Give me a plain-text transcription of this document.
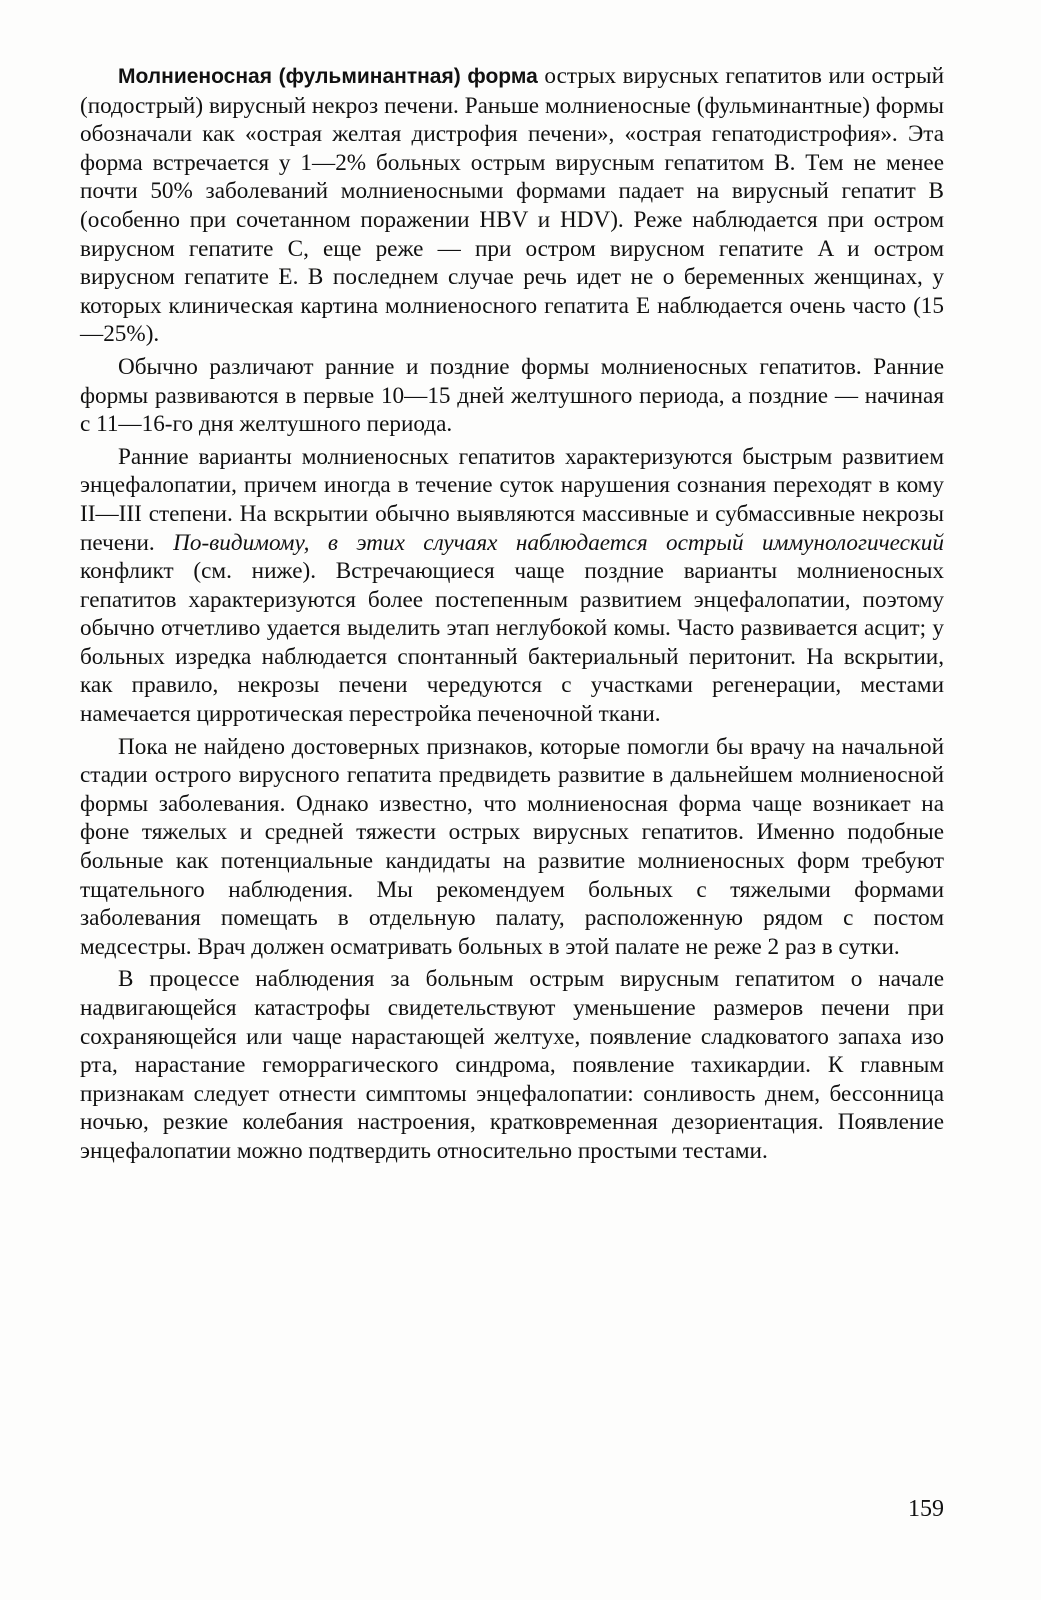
Молниеносная (фульминантная) форма острых вирусных гепатитов или острый (подострый) вирусный некроз печени. Раньше молниеносные (фульминантные) формы обозначали как «острая желтая дистрофия печени», «острая гепатодистрофия». Эта форма встречается у 1—2% больных острым вирусным гепатитом B. Тем не менее почти 50% заболеваний молниеносными формами падает на вирусный гепатит B (особенно при сочетанном поражении HBV и HDV). Реже наблюдается при остром вирусном гепатите C, еще реже — при остром вирусном гепатите A и остром вирусном гепатите E. В последнем случае речь идет не о беременных женщинах, у которых клиническая картина молниеносного гепатита E наблюдается очень часто (15—25%).

Обычно различают ранние и поздние формы молниеносных гепатитов. Ранние формы развиваются в первые 10—15 дней желтушного периода, а поздние — начиная с 11—16-го дня желтушного периода.

Ранние варианты молниеносных гепатитов характеризуются быстрым развитием энцефалопатии, причем иногда в течение суток нарушения сознания переходят в кому II—III степени. На вскрытии обычно выявляются массивные и субмассивные некрозы печени. По-видимому, в этих случаях наблюдается острый иммунологический конфликт (см. ниже). Встречающиеся чаще поздние варианты молниеносных гепатитов характеризуются более постепенным развитием энцефалопатии, поэтому обычно отчетливо удается выделить этап неглубокой комы. Часто развивается асцит; у больных изредка наблюдается спонтанный бактериальный перитонит. На вскрытии, как правило, некрозы печени чередуются с участками регенерации, местами намечается цирротическая перестройка печеночной ткани.

Пока не найдено достоверных признаков, которые помогли бы врачу на начальной стадии острого вирусного гепатита предвидеть развитие в дальнейшем молниеносной формы заболевания. Однако известно, что молниеносная форма чаще возникает на фоне тяжелых и средней тяжести острых вирусных гепатитов. Именно подобные больные как потенциальные кандидаты на развитие молниеносных форм требуют тщательного наблюдения. Мы рекомендуем больных с тяжелыми формами заболевания помещать в отдельную палату, расположенную рядом с постом медсестры. Врач должен осматривать больных в этой палате не реже 2 раз в сутки.

В процессе наблюдения за больным острым вирусным гепатитом о начале надвигающейся катастрофы свидетельствуют уменьшение размеров печени при сохраняющейся или чаще нарастающей желтухе, появление сладковатого запаха изо рта, нарастание геморрагического синдрома, появление тахикардии. К главным признакам следует отнести симптомы энцефалопатии: сонливость днем, бессонница ночью, резкие колебания настроения, кратковременная дезориентация. Появление энцефалопатии можно подтвердить относительно простыми тестами.

159
